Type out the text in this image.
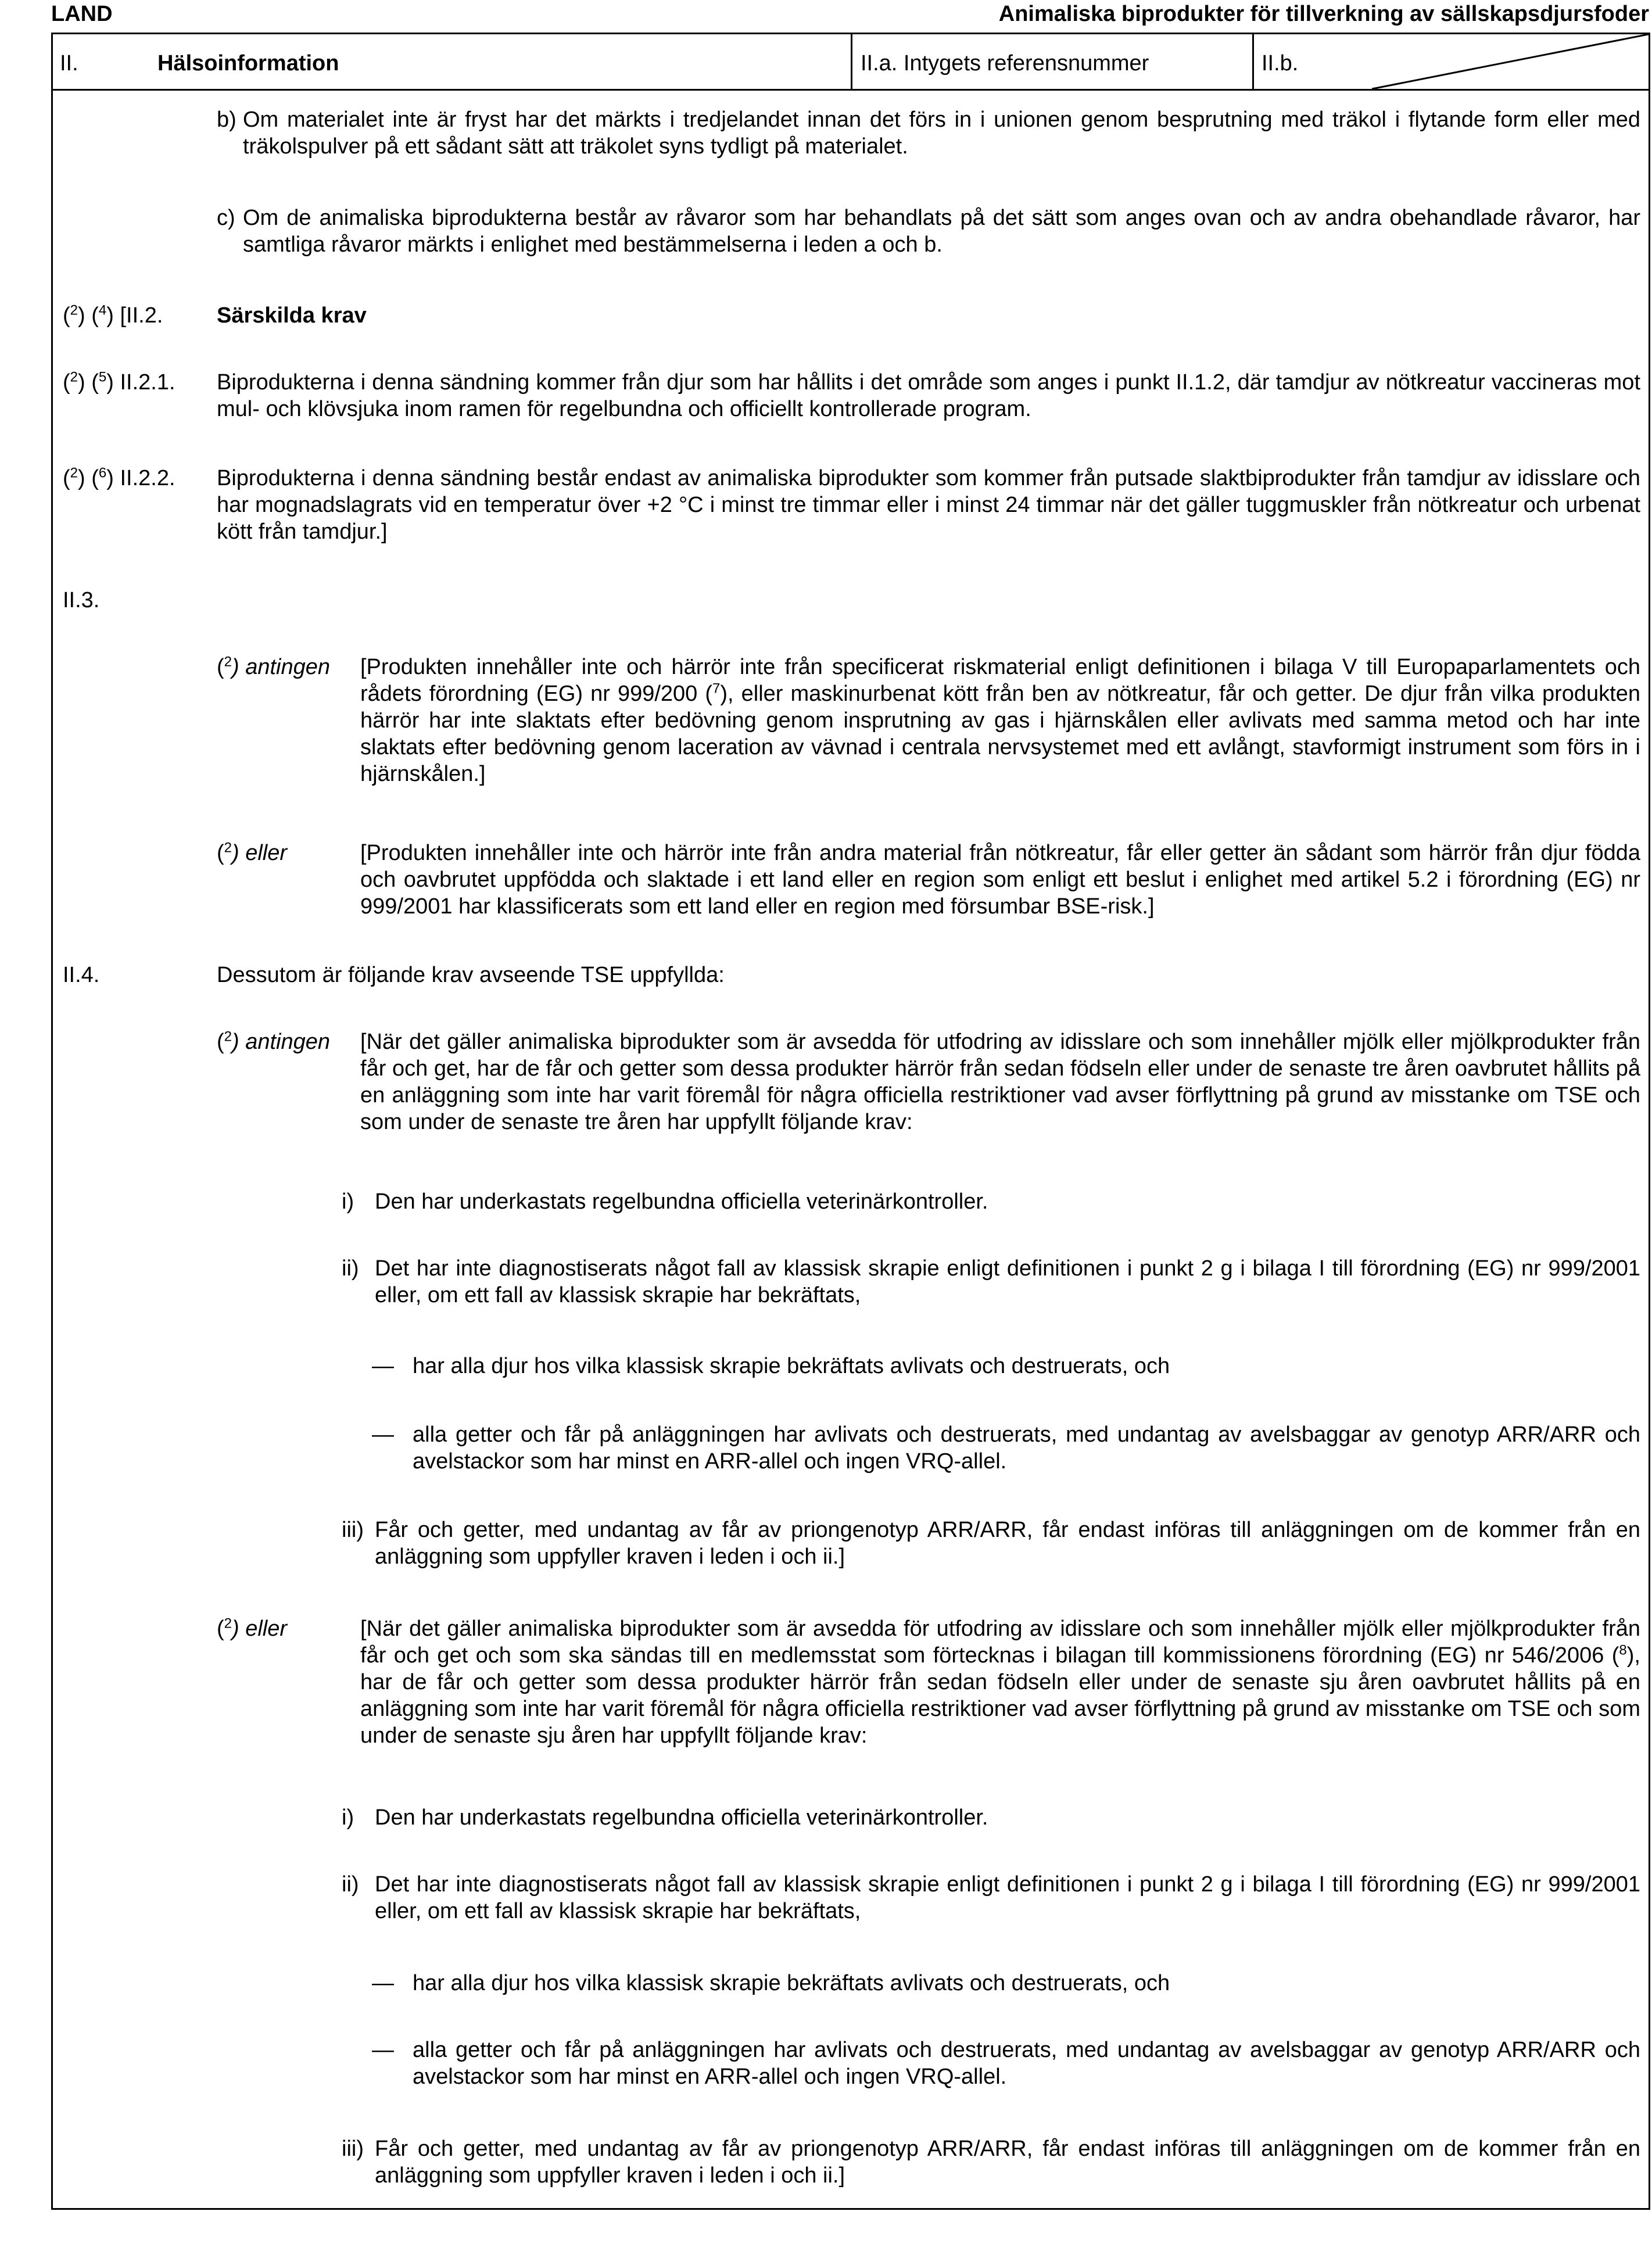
LAND	Animaliska biprodukter för tillverkning av sällskapsdjursfoder
II.	Hälsoinformation	II.a. Intygets referensnummer	II.b.
b) Om materialet inte är fryst har det märkts i tredjelandet innan det förs in i unionen genom besprutning med träkol i flytande form eller med träkolspulver på ett sådant sätt att träkolet syns tydligt på materialet.
c) Om de animaliska biprodukterna består av råvaror som har behandlats på det sätt som anges ovan och av andra obehandlade råvaror, har samtliga råvaror märkts i enlighet med bestämmelserna i leden a och b.
($^2$) ($^4$) [II.2. Särskilda krav
($^2$) ($^5$) II.2.1. Biprodukterna i denna sändning kommer från djur som har hållits i det område som anges i punkt II.1.2, där tamdjur av nötkreatur vaccineras mot mul- och klövsjuka inom ramen för regelbundna och officiellt kontrollerade program.
($^2$) ($^6$) II.2.2. Biprodukterna i denna sändning består endast av animaliska biprodukter som kommer från putsade slaktbiprodukter från tamdjur av idisslare och har mognadslagrats vid en temperatur över +2 °C i minst tre timmar eller i minst 24 timmar när det gäller tuggmuskler från nötkreatur och urbenat kött från tamdjur.]
II.3.
($^2$) antingen [Produkten innehåller inte och härrör inte från specificerat riskmaterial enligt definitionen i bilaga V till Europaparlamentets och rådets förordning (EG) nr 999/200 ($^7$), eller maskinurbenat kött från ben av nötkreatur, får och getter. De djur från vilka produkten härrör har inte slaktats efter bedövning genom insprutning av gas i hjärnskålen eller avlivats med samma metod och har inte slaktats efter bedövning genom laceration av vävnad i centrala nervsystemet med ett avlångt, stavformigt instrument som förs in i hjärnskålen.]
($^2$) eller	[Produkten innehåller inte och härrör inte från andra material från nötkreatur, får eller getter än sådant som härrör från djur födda och oavbrutet uppfödda och slaktade i ett land eller en region som enligt ett beslut i enlighet med artikel 5.2 i förordning (EG) nr 999/2001 har klassificerats som ett land eller en region med försumbar BSE-risk.]
II.4.	Dessutom är följande krav avseende TSE uppfyllda:
($^2$) antingen [När det gäller animaliska biprodukter som är avsedda för utfodring av idisslare och som innehåller mjölk eller mjölkprodukter från får och get, har de får och getter som dessa produkter härrör från sedan födseln eller under de senaste tre åren oavbrutet hållits på en anläggning som inte har varit föremål för några officiella restriktioner vad avser förflyttning på grund av misstanke om TSE och som under de senaste tre åren har uppfyllt följande krav:
i) Den har underkastats regelbundna officiella veterinärkontroller.
ii) Det har inte diagnostiserats något fall av klassisk skrapie enligt definitionen i punkt 2 g i bilaga I till förordning (EG) nr 999/2001 eller, om ett fall av klassisk skrapie har bekräftats,
— har alla djur hos vilka klassisk skrapie bekräftats avlivats och destruerats, och
— alla getter och får på anläggningen har avlivats och destruerats, med undantag av avelsbaggar av genotyp ARR/ARR och avelstackor som har minst en ARR-allel och ingen VRQ-allel.
iii) Får och getter, med undantag av får av priongenotyp ARR/ARR, får endast införas till anläggningen om de kommer från en anläggning som uppfyller kraven i leden i och ii.]
($^2$) eller	[När det gäller animaliska biprodukter som är avsedda för utfodring av idisslare och som innehåller mjölk eller mjölkprodukter från får och get och som ska sändas till en medlemsstat som förtecknas i bilagan till kommissionens förordning (EG) nr 546/2006 ($^8$), har de får och getter som dessa produkter härrör från sedan födseln eller under de senaste sju åren oavbrutet hållits på en anläggning som inte har varit föremål för några officiella restriktioner vad avser förflyttning på grund av misstanke om TSE och som under de senaste sju åren har uppfyllt följande krav:
i) Den har underkastats regelbundna officiella veterinärkontroller.
ii) Det har inte diagnostiserats något fall av klassisk skrapie enligt definitionen i punkt 2 g i bilaga I till förordning (EG) nr 999/2001 eller, om ett fall av klassisk skrapie har bekräftats,
— har alla djur hos vilka klassisk skrapie bekräftats avlivats och destruerats, och
— alla getter och får på anläggningen har avlivats och destruerats, med undantag av avelsbaggar av genotyp ARR/ARR och avelstackor som har minst en ARR-allel och ingen VRQ-allel.
iii) Får och getter, med undantag av får av priongenotyp ARR/ARR, får endast införas till anläggningen om de kommer från en anläggning som uppfyller kraven i leden i och ii.]
